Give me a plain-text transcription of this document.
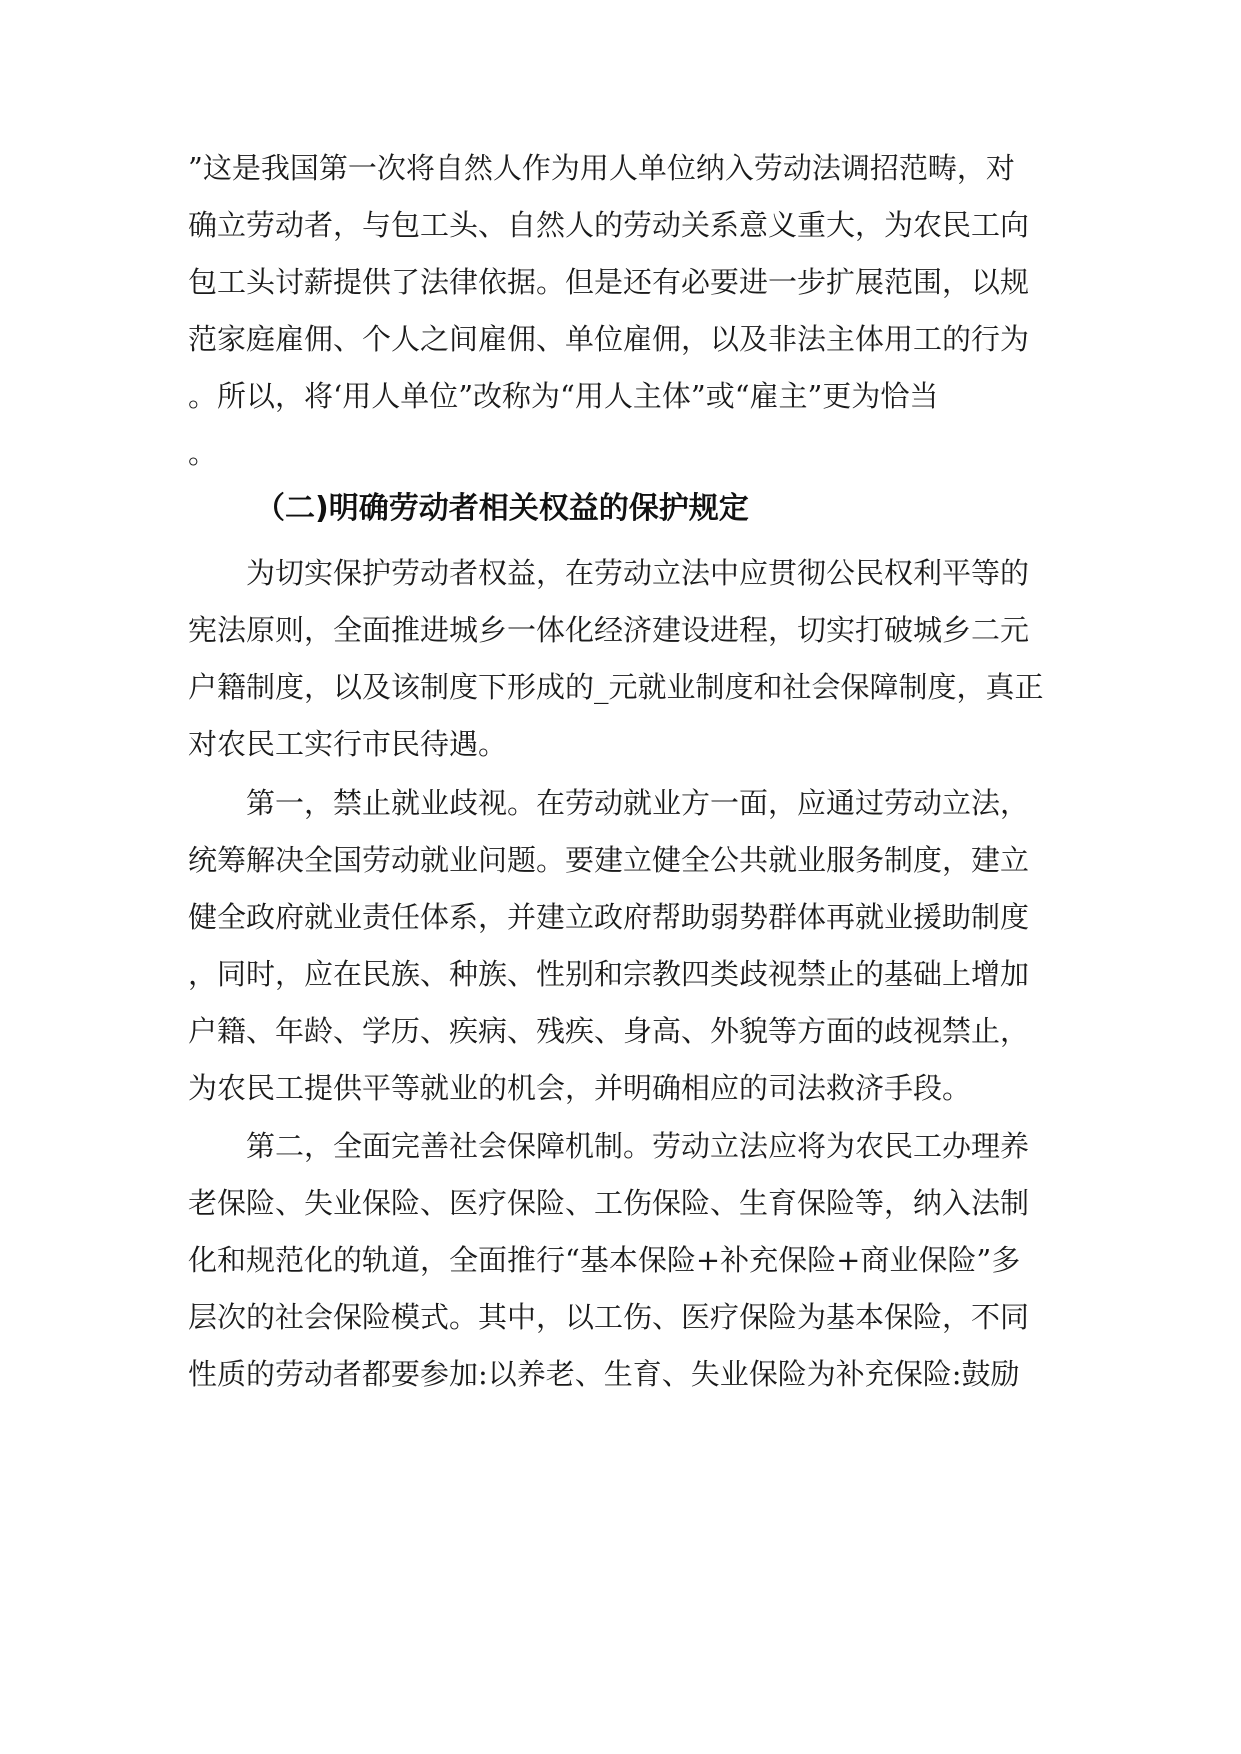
”这是我国第一次将自然人作为用人单位纳入劳动法调招范畴，对
确立劳动者，与包工头、自然人的劳动关系意义重大，为农民工向
包工头讨薪提供了法律依据。但是还有必要进一步扩展范围，以规
范家庭雇佣、个人之间雇佣、单位雇佣，以及非法主体用工的行为
。所以，将‘用人单位”改称为“用人主体”或“雇主”更为恰当
。
（二)明确劳动者相关权益的保护规定
为切实保护劳动者权益，在劳动立法中应贯彻公民权利平等的
宪法原则，全面推进城乡一体化经济建设进程，切实打破城乡二元
户籍制度，以及该制度下形成的_元就业制度和社会保障制度，真正
对农民工实行市民待遇。
第一，禁止就业歧视。在劳动就业方一面，应通过劳动立法，
统筹解决全国劳动就业问题。要建立健全公共就业服务制度，建立
健全政府就业责任体系，并建立政府帮助弱势群体再就业援助制度
，同时，应在民族、种族、性别和宗教四类歧视禁止的基础上增加
户籍、年龄、学历、疾病、残疾、身高、外貌等方面的歧视禁止，
为农民工提供平等就业的机会，并明确相应的司法救济手段。
第二，全面完善社会保障机制。劳动立法应将为农民工办理养
老保险、失业保险、医疗保险、工伤保险、生育保险等，纳入法制
化和规范化的轨道，全面推行“基本保险+补充保险+商业保险”多
层次的社会保险模式。其中，以工伤、医疗保险为基本保险，不同
性质的劳动者都要参加:以养老、生育、失业保险为补充保险:鼓励
